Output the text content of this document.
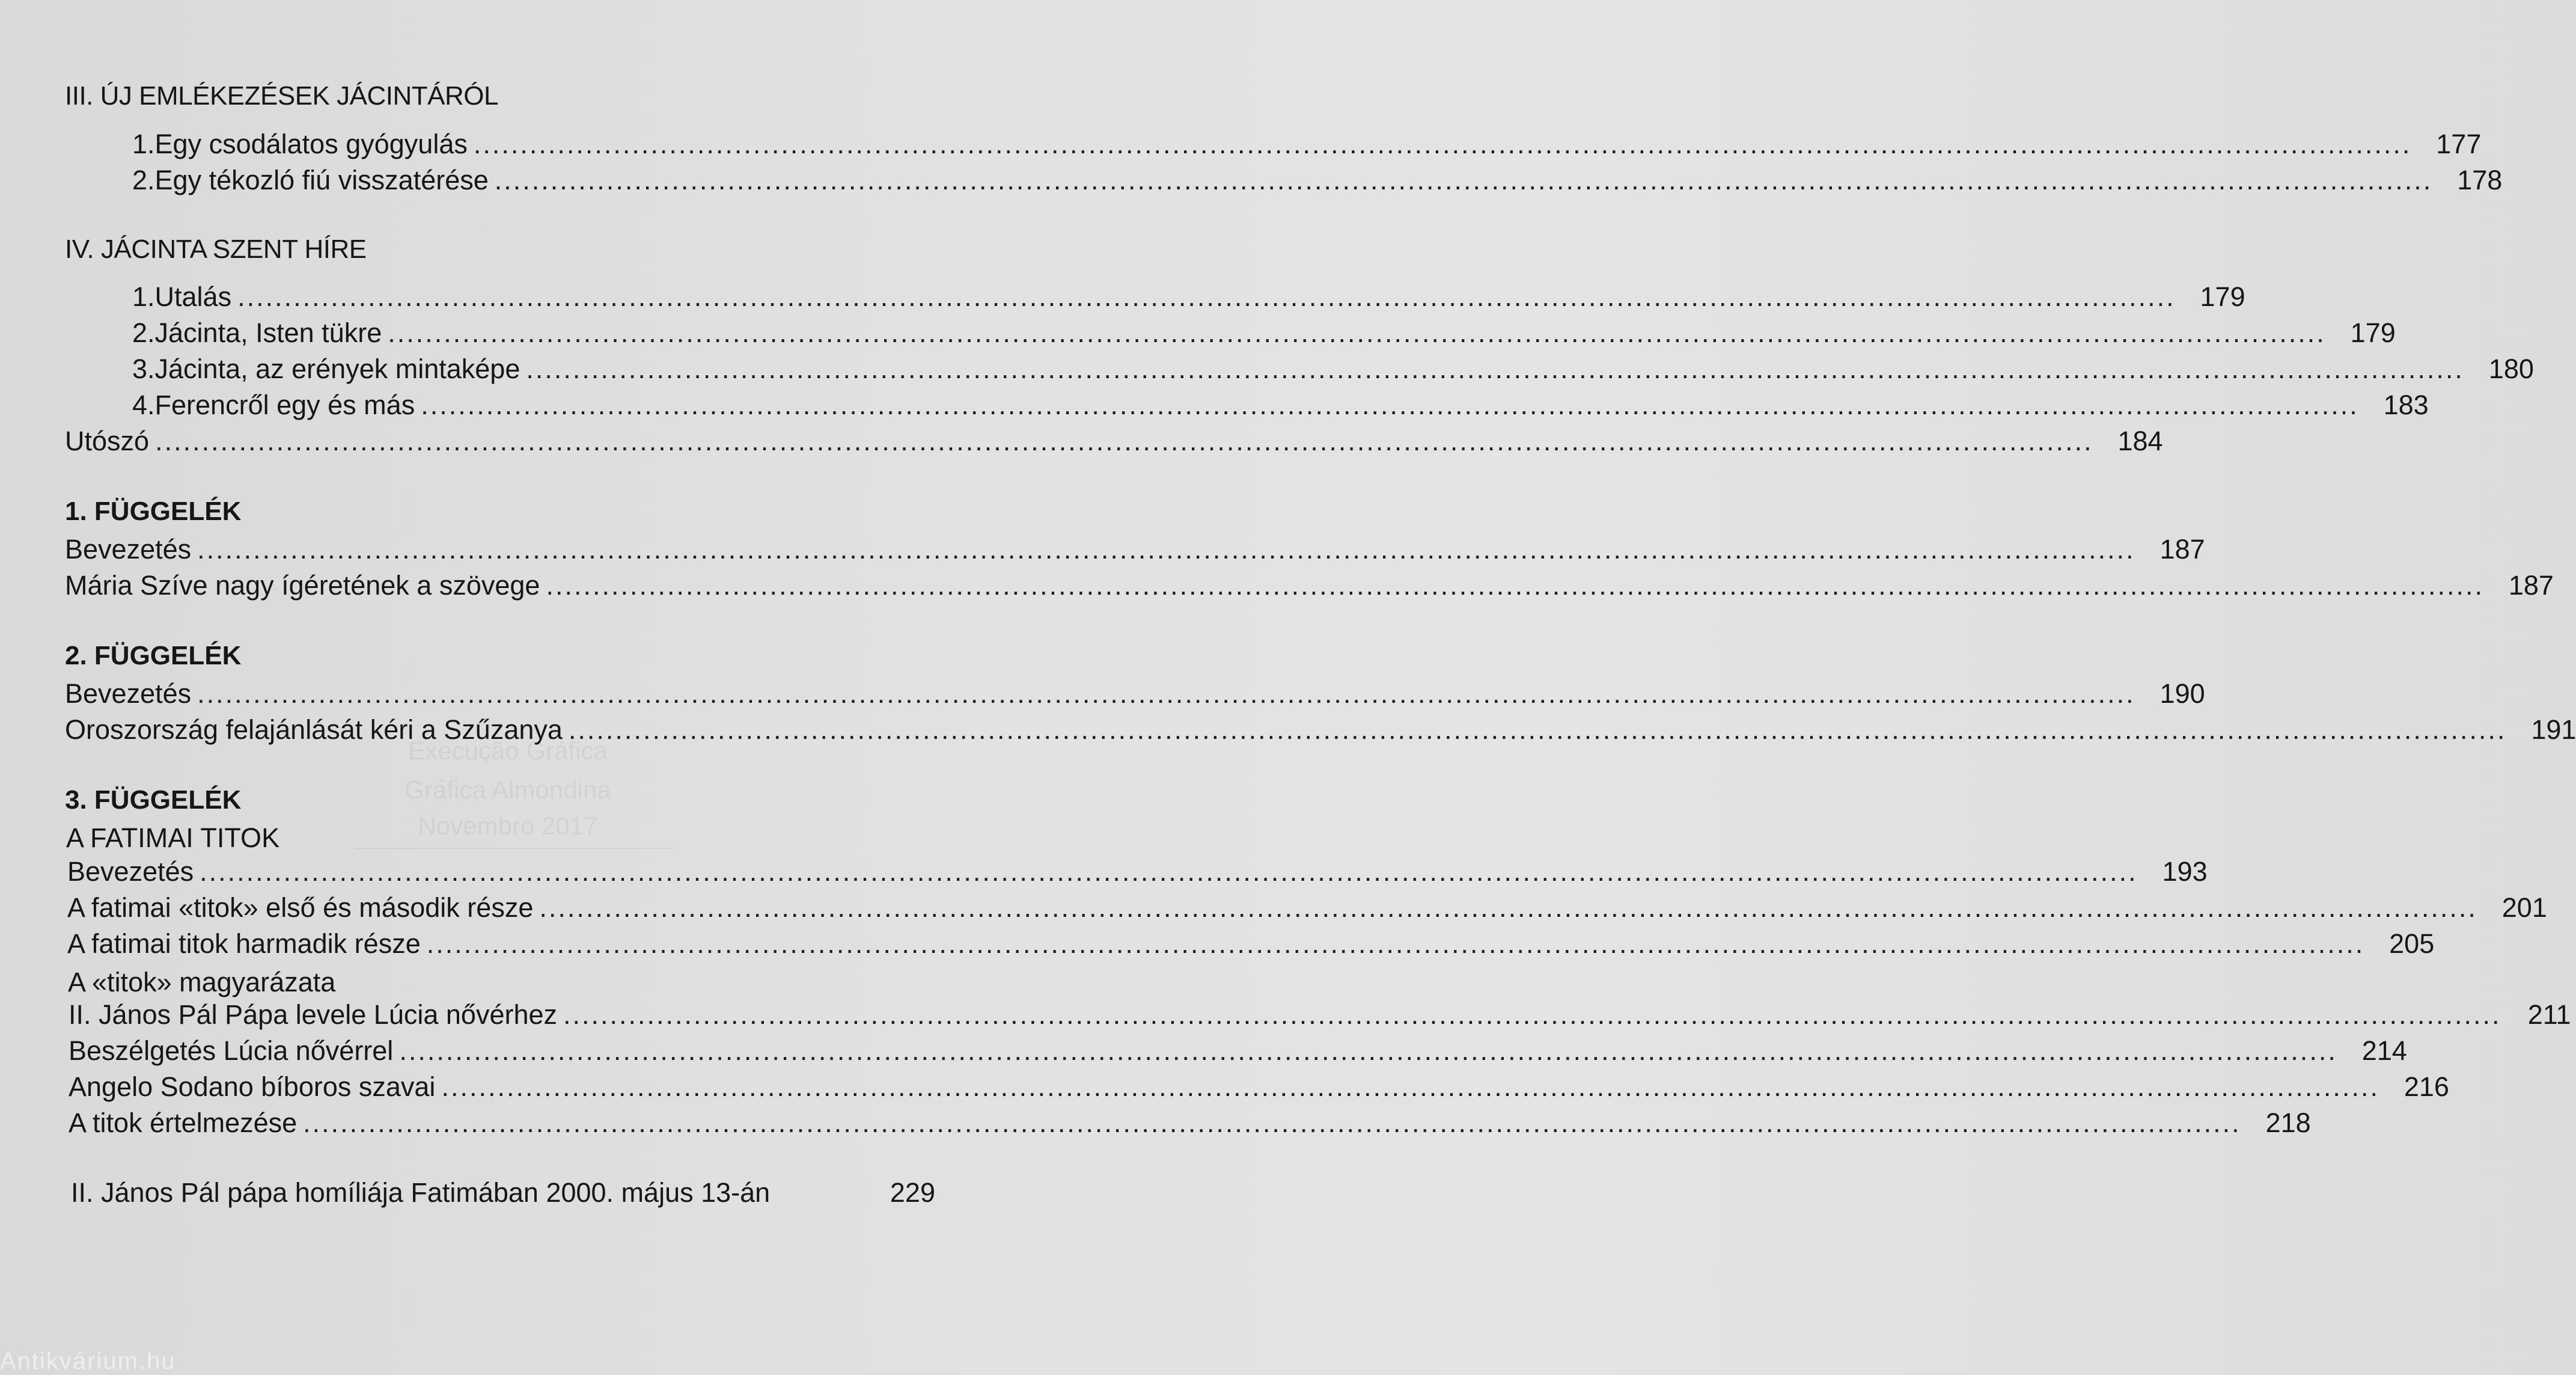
Execução Gráfica
Gráfica Almondina
Novembro 2017
III. ÚJ EMLÉKEZÉSEK JÁCINTÁRÓL
1. Egy csodálatos gyógyulás ................................................................................................................................................................................................................ 177
2. Egy tékozló fiú visszatérése ................................................................................................................................................................................................................ 178
IV. JÁCINTA SZENT HÍRE
1. Utalás ................................................................................................................................................................................................................ 179
2. Jácinta, Isten tükre ................................................................................................................................................................................................................ 179
3. Jácinta, az erények mintaképe ................................................................................................................................................................................................................ 180
4. Ferencről egy és más ................................................................................................................................................................................................................ 183
Utószó ................................................................................................................................................................................................................ 184
1. FÜGGELÉK
Bevezetés ................................................................................................................................................................................................................ 187
Mária Szíve nagy ígéretének a szövege ................................................................................................................................................................................................................ 187
2. FÜGGELÉK
Bevezetés ................................................................................................................................................................................................................ 190
Oroszország felajánlását kéri a Szűzanya ................................................................................................................................................................................................................ 191
3. FÜGGELÉK
A FATIMAI TITOK
Bevezetés ................................................................................................................................................................................................................ 193
A fatimai «titok» első és második része ................................................................................................................................................................................................................ 201
A fatimai titok harmadik része ................................................................................................................................................................................................................ 205
A «titok» magyarázata
II. János Pál Pápa levele Lúcia nővérhez ................................................................................................................................................................................................................ 211
Beszélgetés Lúcia nővérrel ................................................................................................................................................................................................................ 214
Angelo Sodano bíboros szavai ................................................................................................................................................................................................................ 216
A titok értelmezése ................................................................................................................................................................................................................ 218
II. János Pál pápa homíliája Fatimában 2000. május 13-án	229
Antikvárium.hu
